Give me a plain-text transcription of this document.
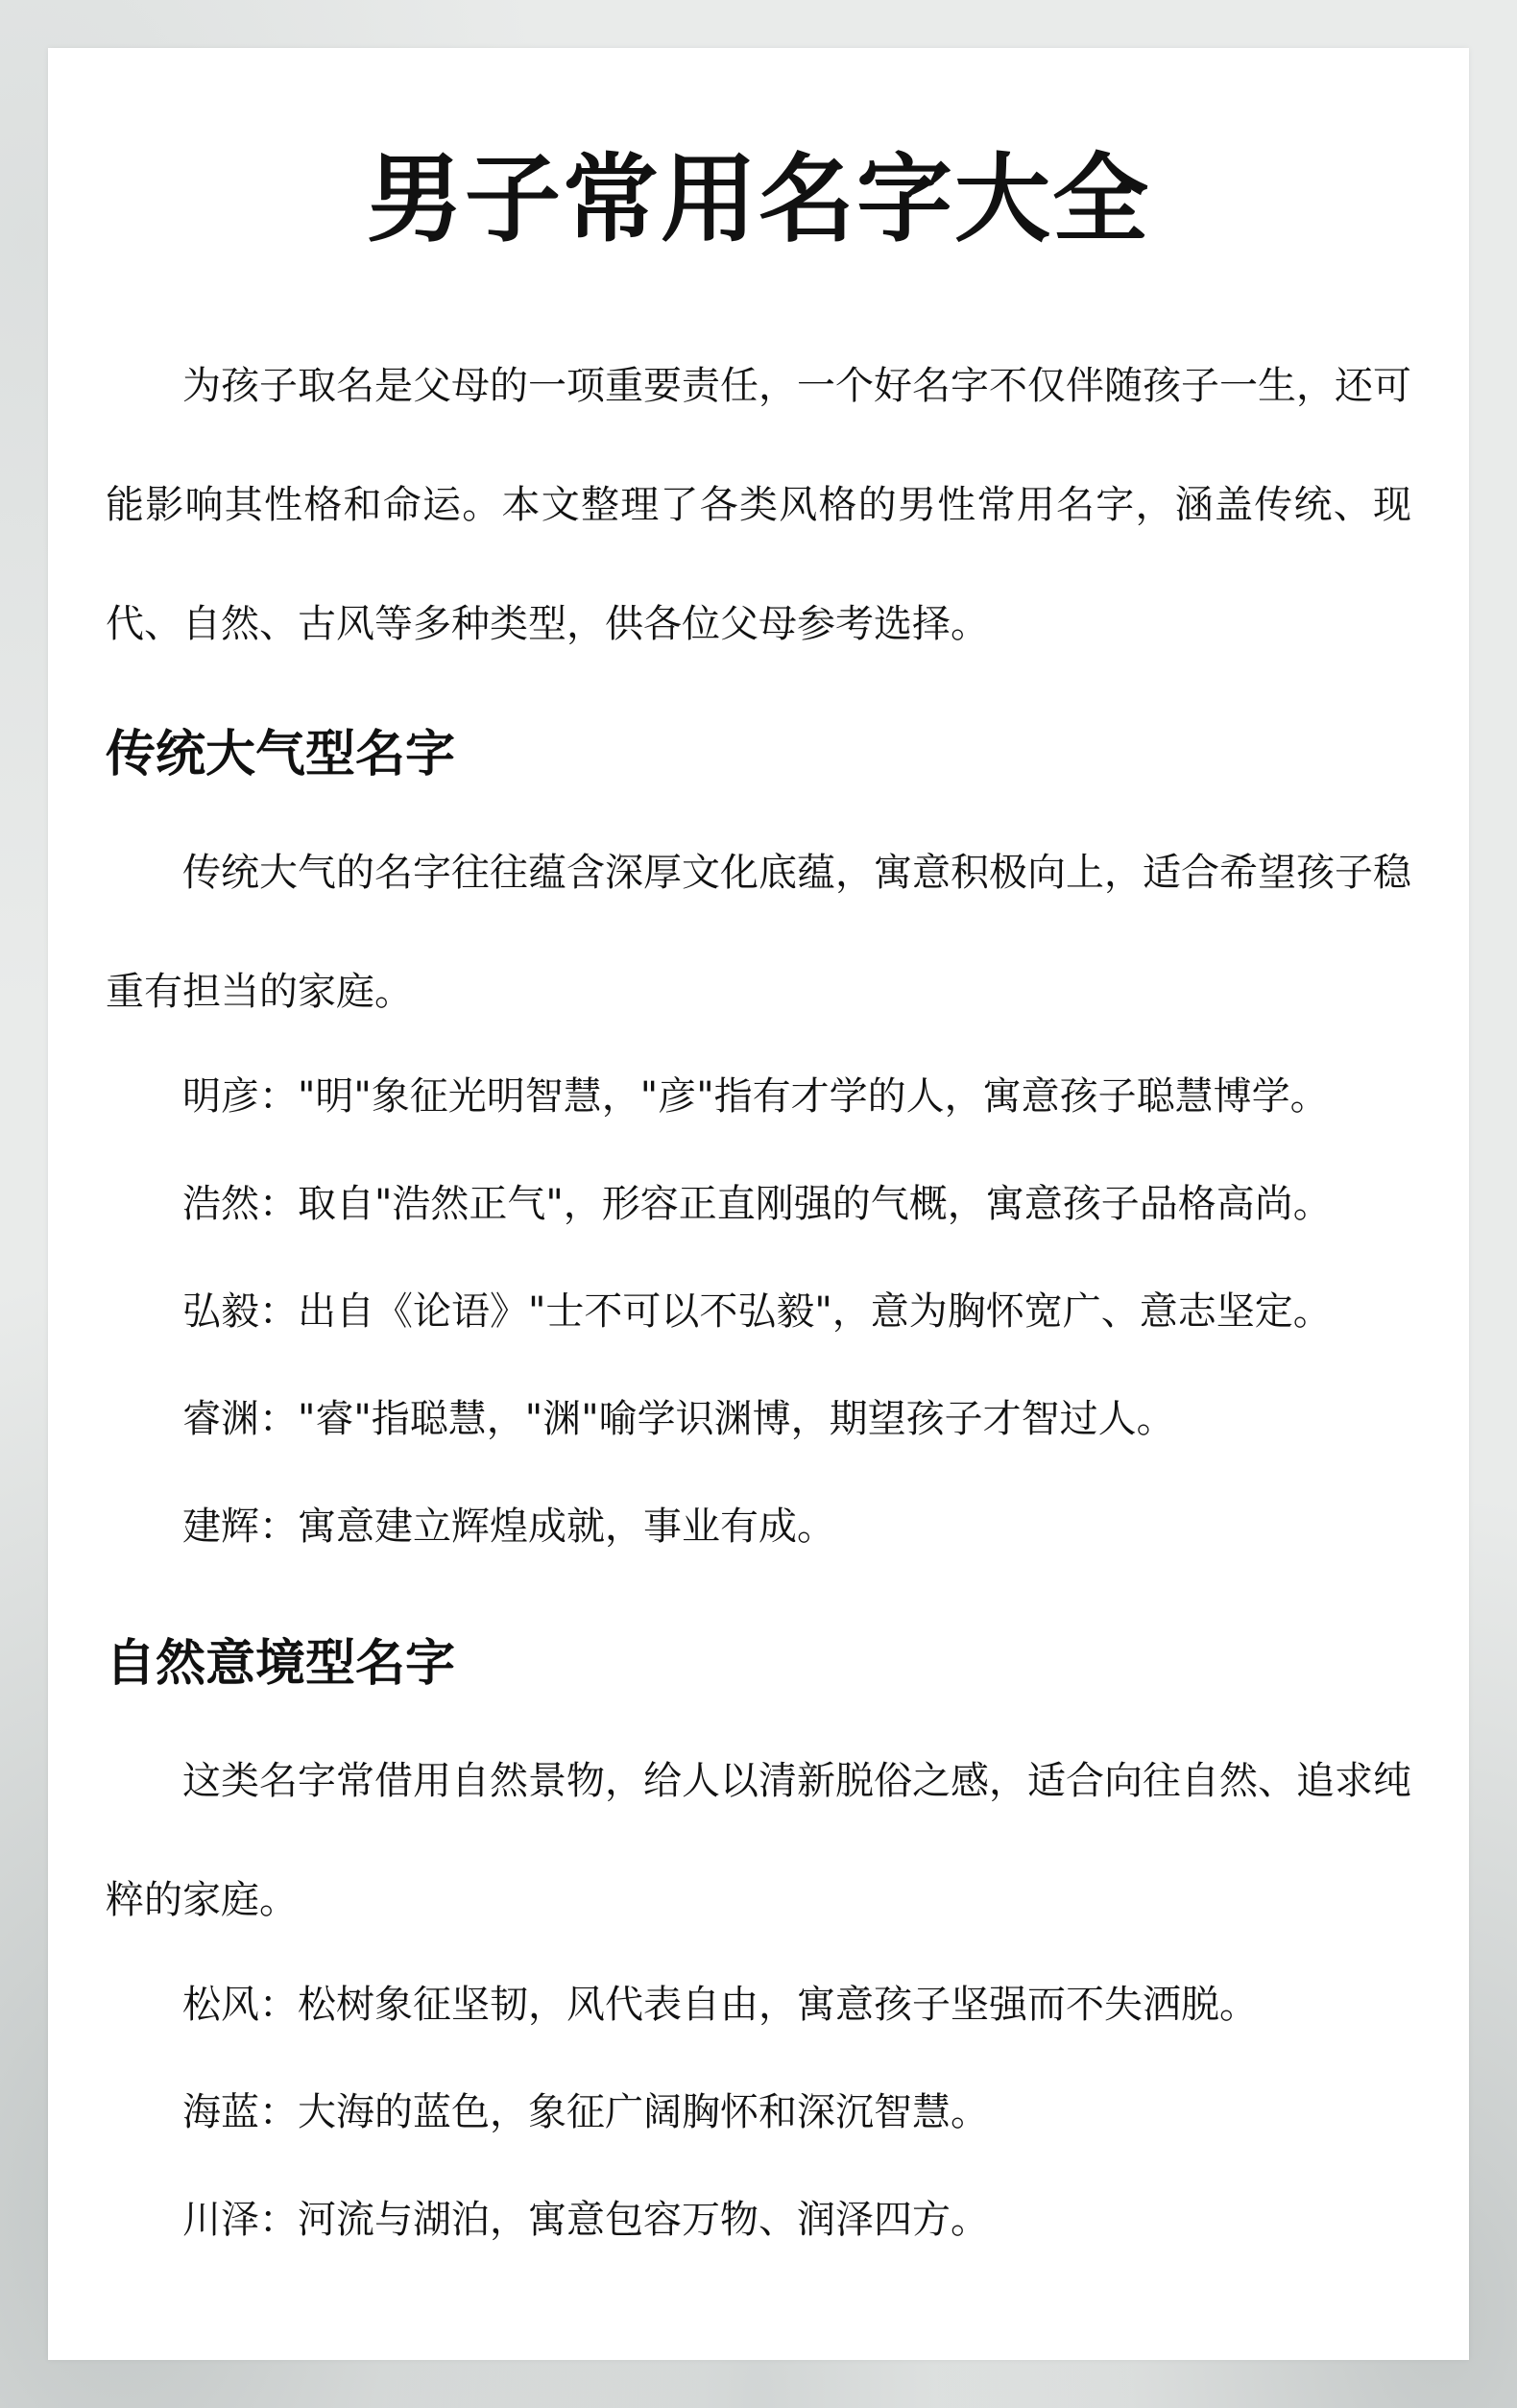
男子常用名字大全

为孩子取名是父母的一项重要责任，一个好名字不仅伴随孩子一生，还可能影响其性格和命运。本文整理了各类风格的男性常用名字，涵盖传统、现代、自然、古风等多种类型，供各位父母参考选择。

传统大气型名字

传统大气的名字往往蕴含深厚文化底蕴，寓意积极向上，适合希望孩子稳重有担当的家庭。

明彦："明"象征光明智慧，"彦"指有才学的人，寓意孩子聪慧博学。

浩然：取自"浩然正气"，形容正直刚强的气概，寓意孩子品格高尚。

弘毅：出自《论语》"士不可以不弘毅"，意为胸怀宽广、意志坚定。

睿渊："睿"指聪慧，"渊"喻学识渊博，期望孩子才智过人。

建辉：寓意建立辉煌成就，事业有成。

自然意境型名字

这类名字常借用自然景物，给人以清新脱俗之感，适合向往自然、追求纯粹的家庭。

松风：松树象征坚韧，风代表自由，寓意孩子坚强而不失洒脱。

海蓝：大海的蓝色，象征广阔胸怀和深沉智慧。

川泽：河流与湖泊，寓意包容万物、润泽四方。
